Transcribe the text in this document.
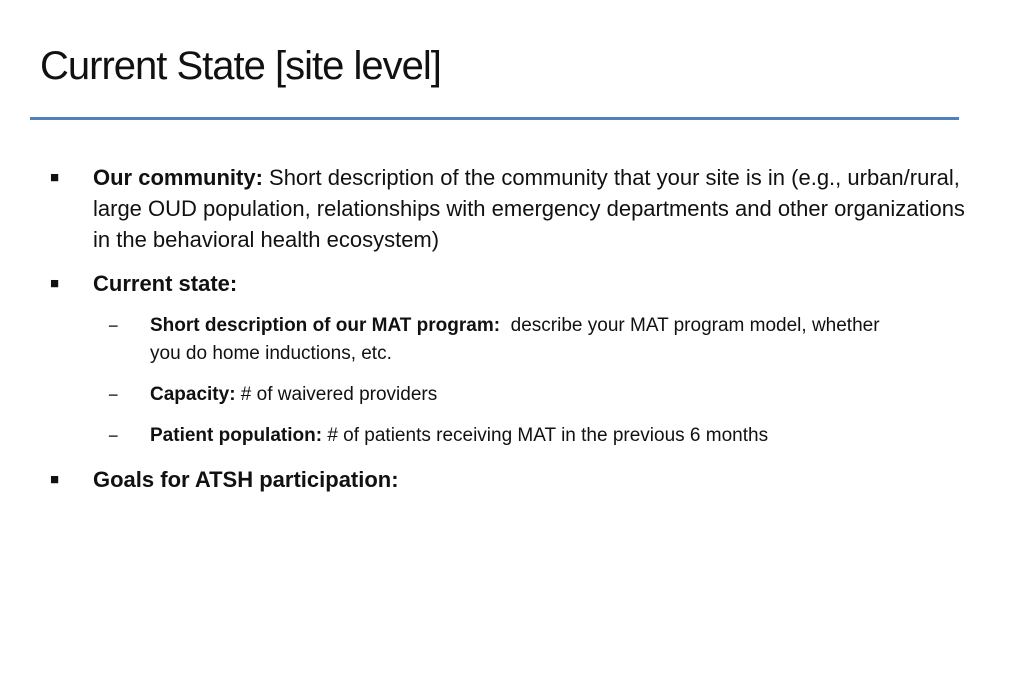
Current State [site level]
■ Our community: Short description of the community that your site is in (e.g., urban/rural, large OUD population, relationships with emergency departments and other organizations in the behavioral health ecosystem)
■ Current state:
− Short description of our MAT program:  describe your MAT program model, whether you do home inductions, etc.
− Capacity: # of waivered providers
− Patient population: # of patients receiving MAT in the previous 6 months
■ Goals for ATSH participation:
